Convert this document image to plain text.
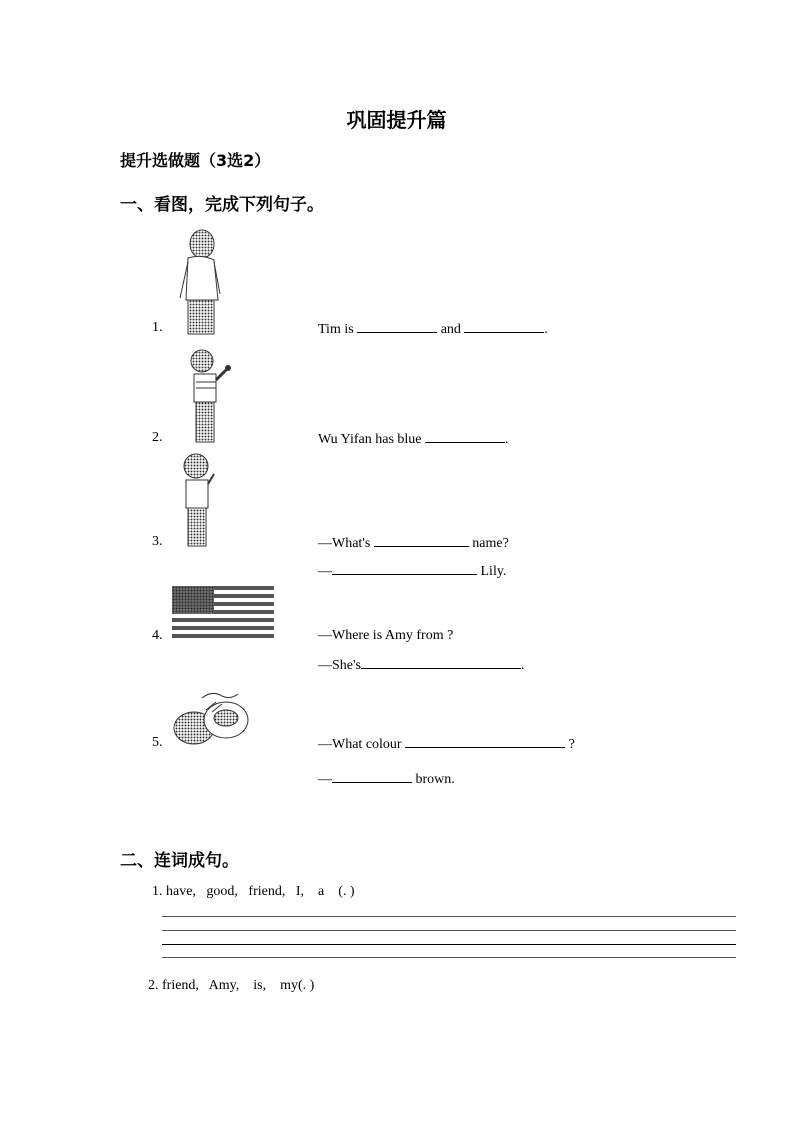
巩固提升篇
提升选做题（3选2）
一、看图，完成下列句子。
1.	Tim is	and	.
2.	Wu Yifan has blue	.
3.	—What's	name?
—	Lily.
4.	—Where is Amy from ?
—She's	.
5.	—What colour	?
—	brown.
二、连词成句。
1. have,   good,   friend,   I,    a    (. )
2. friend,   Amy,    is,    my(. )
